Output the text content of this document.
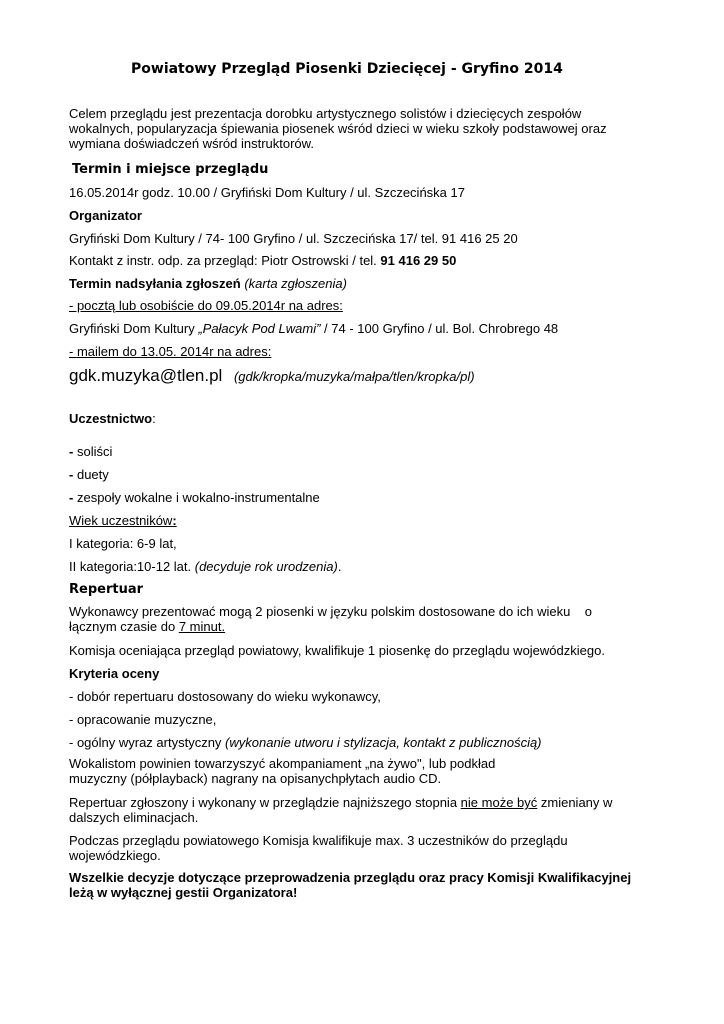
Powiatowy Przegląd Piosenki Dziecięcej - Gryfino 2014
Celem przeglądu jest prezentacja dorobku artystycznego solistów i dziecięcych zespołów
wokalnych, popularyzacja śpiewania piosenek wśród dzieci w wieku szkoły podstawowej oraz
wymiana doświadczeń wśród instruktorów.
Termin i miejsce przeglądu
16.05.2014r godz. 10.00 / Gryfiński Dom Kultury / ul. Szczecińska 17
Organizator
Gryfiński Dom Kultury / 74- 100 Gryfino / ul. Szczecińska 17/ tel. 91 416 25 20
Kontakt z instr. odp. za przegląd: Piotr Ostrowski / tel. 91 416 29 50
Termin nadsyłania zgłoszeń (karta zgłoszenia)
- pocztą lub osobiście do 09.05.2014r na adres:
Gryfiński Dom Kultury „Pałacyk Pod Lwami” / 74 - 100 Gryfino / ul. Bol. Chrobrego 48
- mailem do 13.05. 2014r na adres:
gdk.muzyka@tlen.pl (gdk/kropka/muzyka/małpa/tlen/kropka/pl)
Uczestnictwo:
- soliści
- duety
- zespoły wokalne i wokalno-instrumentalne
Wiek uczestników:
I kategoria: 6-9 lat,
II kategoria:10-12 lat. (decyduje rok urodzenia).
Repertuar
Wykonawcy prezentować mogą 2 piosenki w języku polskim dostosowane do ich wieku    o
łącznym czasie do 7 minut.
Komisja oceniająca przegląd powiatowy, kwalifikuje 1 piosenkę do przeglądu wojewódzkiego.
Kryteria oceny
- dobór repertuaru dostosowany do wieku wykonawcy,
- opracowanie muzyczne,
- ogólny wyraz artystyczny (wykonanie utworu i stylizacja, kontakt z publicznością)
Wokalistom powinien towarzyszyć akompaniament „na żywo", lub podkład
muzyczny (półplayback) nagrany na opisanychpłytach audio CD.
Repertuar zgłoszony i wykonany w przeglądzie najniższego stopnia nie może być zmieniany w
dalszych eliminacjach.
Podczas przeglądu powiatowego Komisja kwalifikuje max. 3 uczestników do przeglądu
wojewódzkiego.
Wszelkie decyzje dotyczące przeprowadzenia przeglądu oraz pracy Komisji Kwalifikacyjnej
leżą w wyłącznej gestii Organizatora!
